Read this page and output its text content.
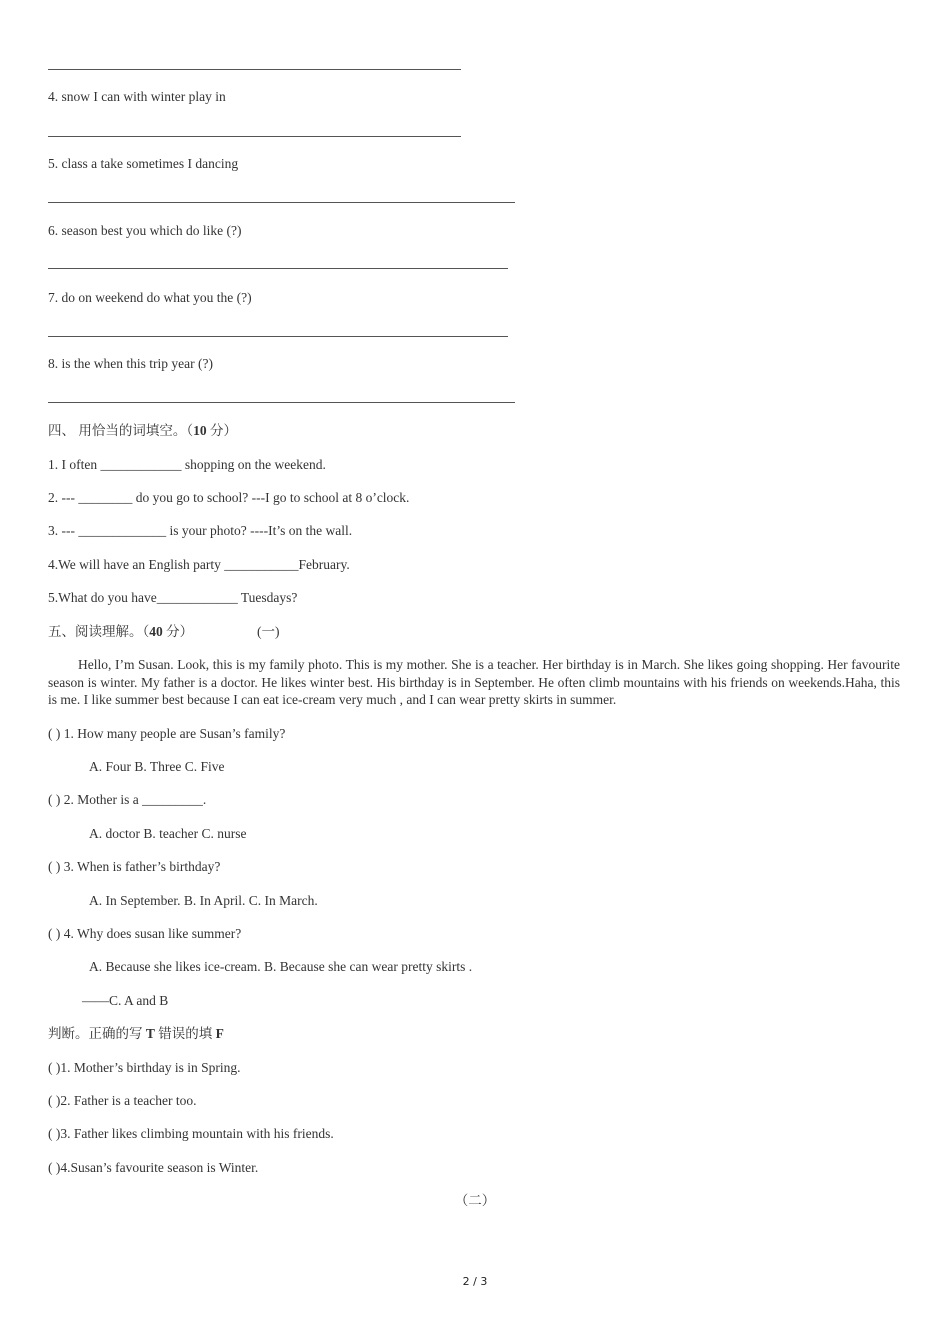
4. snow I can with winter play in
5. class a take sometimes I dancing
6. season best you which do like (?)
7. do on weekend do what you the (?)
8. is the when this trip year (?)
四、 用恰当的词填空。（10 分）
1. I often ____________ shopping on the weekend.
2. --- ________ do you go to school? ---I go to school at 8 o’clock.
3. --- _____________ is your photo? ----It’s on the wall.
4.We will have an English party ___________February.
5.What do you have____________ Tuesdays?
五、阅读理解。（40 分）	(一)
Hello, I’m Susan. Look, this is my family photo. This is my mother. She is a teacher. Her birthday is in March. She likes going shopping. Her favourite season is winter. My father is a doctor. He likes winter best. His birthday is in September. He often climb mountains with his friends on weekends.Haha, this is me. I like summer best because I can eat ice-cream very much , and I can wear pretty skirts in summer.
( ) 1. How many people are Susan’s family?
A. Four B. Three C. Five
( ) 2. Mother is a _________.
A. doctor B. teacher C. nurse
( ) 3. When is father’s birthday?
A. In September. B. In April. C. In March.
( ) 4. Why does susan like summer?
A. Because she likes ice-cream. B. Because she can wear pretty skirts .
——C. A and B
判断。正确的写 T 错误的填 F
( )1. Mother’s birthday is in Spring.
( )2. Father is a teacher too.
( )3. Father likes climbing mountain with his friends.
( )4.Susan’s favourite season is Winter.
（二）
2 / 3
